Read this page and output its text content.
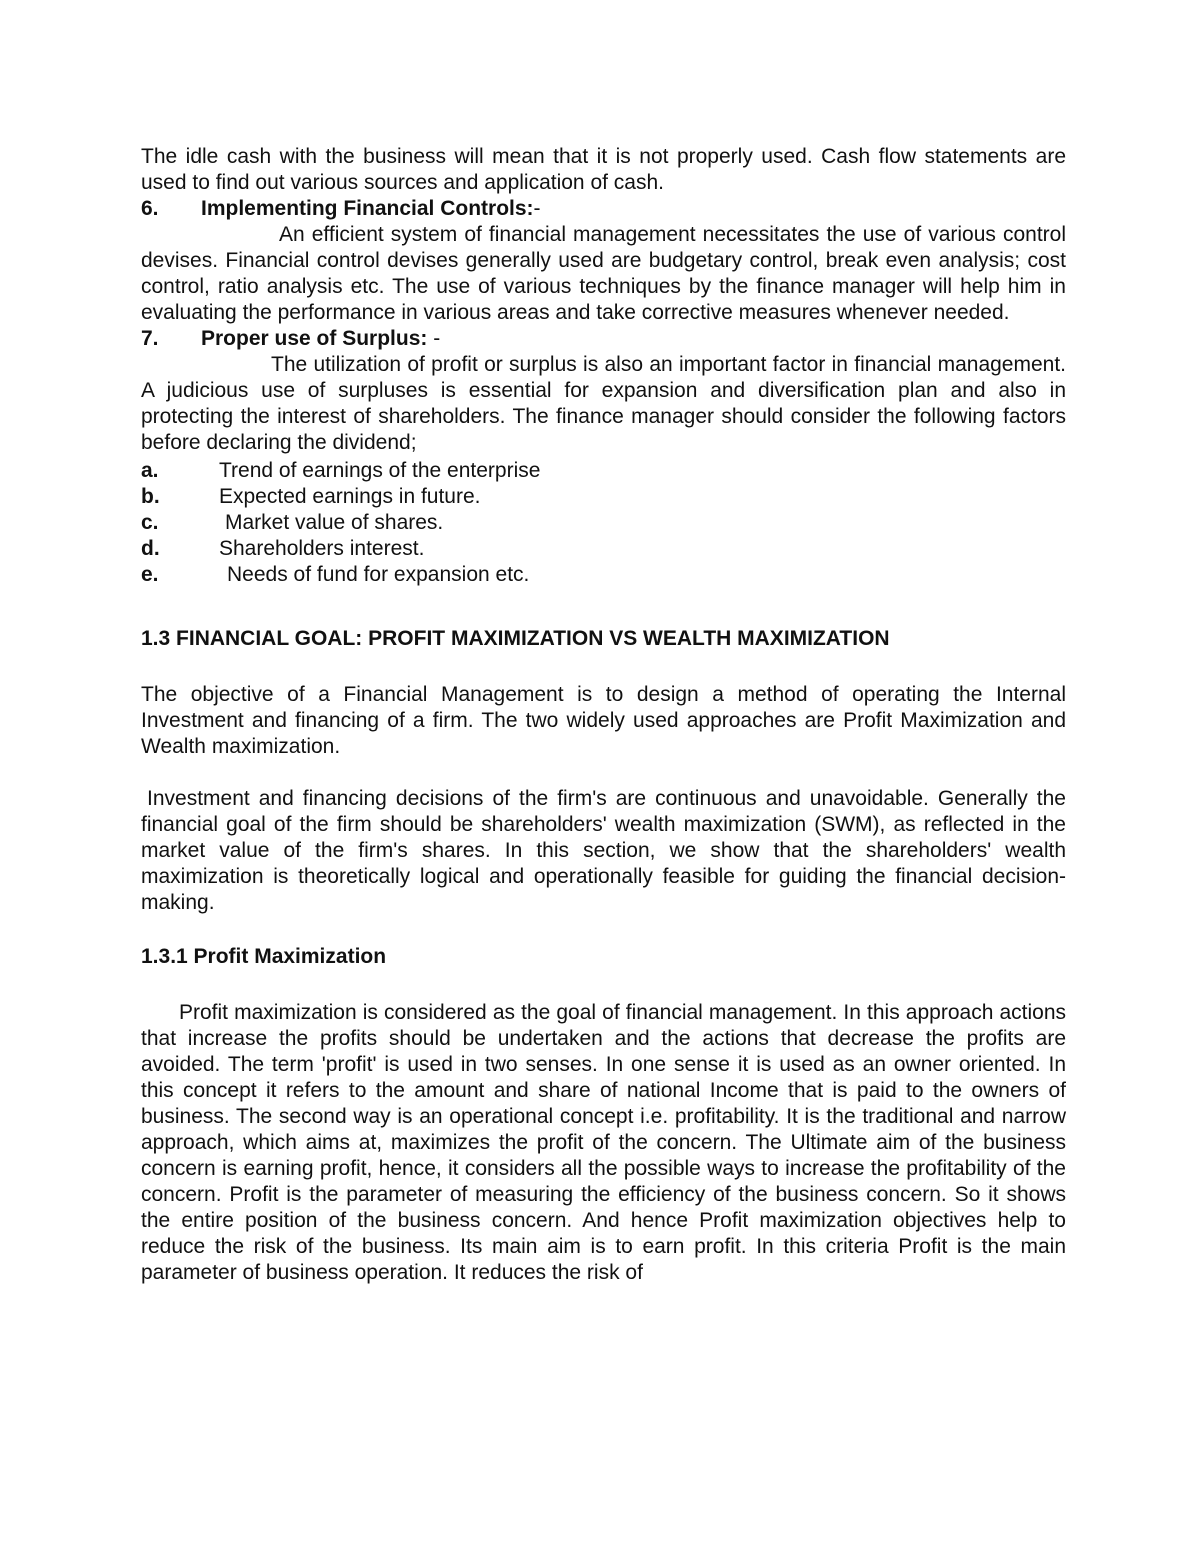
The idle cash with the business will mean that it is not properly used. Cash flow statements are used to find out various sources and application of cash.

6.	Implementing Financial Controls:-

An efficient system of financial management necessitates the use of various control devises. Financial control devises generally used are budgetary control, break even analysis; cost control, ratio analysis etc. The use of various techniques by the finance manager will help him in evaluating the performance in various areas and take corrective measures whenever needed.

7.	Proper use of Surplus: -

The utilization of profit or surplus is also an important factor in financial management. A judicious use of surpluses is essential for expansion and diversification plan and also in protecting the interest of shareholders. The finance manager should consider the following factors before declaring the dividend;

a.	Trend of earnings of the enterprise
b.	Expected earnings in future.
c.	Market value of shares.
d.	Shareholders interest.
e.	Needs of fund for expansion etc.
1.3 FINANCIAL GOAL: PROFIT MAXIMIZATION VS WEALTH MAXIMIZATION

The objective of a Financial Management is to design a method of operating the Internal Investment and financing of a firm. The two widely used approaches are Profit Maximization and Wealth maximization.

Investment and financing decisions of the firm's are continuous and unavoidable. Generally the financial goal of the firm should be shareholders' wealth maximization (SWM), as reflected in the market value of the firm's shares. In this section, we show that the shareholders' wealth maximization is theoretically logical and operationally feasible for guiding the financial decision-making.

1.3.1 Profit Maximization

Profit maximization is considered as the goal of financial management. In this approach actions that increase the profits should be undertaken and the actions that decrease the profits are avoided. The term 'profit' is used in two senses. In one sense it is used as an owner oriented. In this concept it refers to the amount and share of national Income that is paid to the owners of business. The second way is an operational concept i.e. profitability. It is the traditional and narrow approach, which aims at, maximizes the profit of the concern. The Ultimate aim of the business concern is earning profit, hence, it considers all the possible ways to increase the profitability of the concern. Profit is the parameter of measuring the efficiency of the business concern. So it shows the entire position of the business concern. And hence Profit maximization objectives help to reduce the risk of the business. Its main aim is to earn profit. In this criteria Profit is the main parameter of business operation. It reduces the risk of
